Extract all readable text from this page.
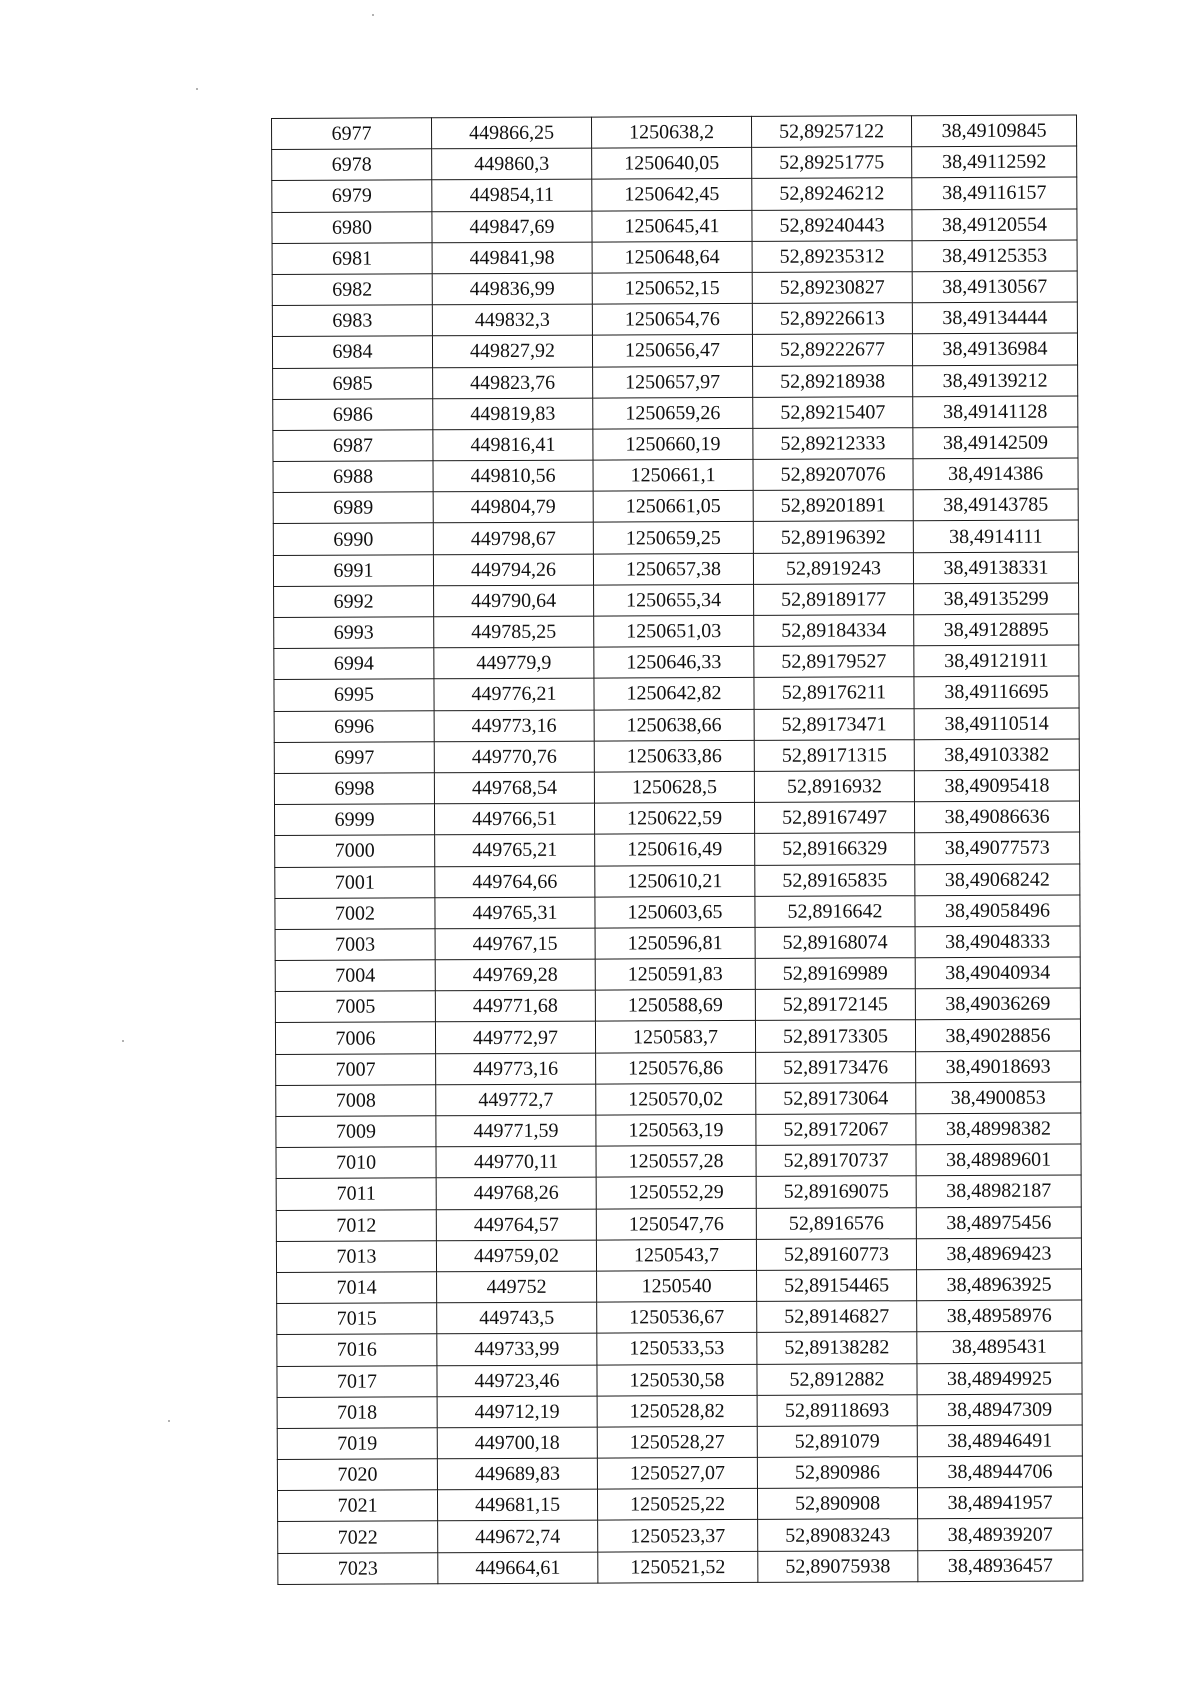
6977	449866,25	1250638,2	52,89257122	38,49109845
6978	449860,3	1250640,05	52,89251775	38,49112592
6979	449854,11	1250642,45	52,89246212	38,49116157
6980	449847,69	1250645,41	52,89240443	38,49120554
6981	449841,98	1250648,64	52,89235312	38,49125353
6982	449836,99	1250652,15	52,89230827	38,49130567
6983	449832,3	1250654,76	52,89226613	38,49134444
6984	449827,92	1250656,47	52,89222677	38,49136984
6985	449823,76	1250657,97	52,89218938	38,49139212
6986	449819,83	1250659,26	52,89215407	38,49141128
6987	449816,41	1250660,19	52,89212333	38,49142509
6988	449810,56	1250661,1	52,89207076	38,4914386
6989	449804,79	1250661,05	52,89201891	38,49143785
6990	449798,67	1250659,25	52,89196392	38,4914111
6991	449794,26	1250657,38	52,8919243	38,49138331
6992	449790,64	1250655,34	52,89189177	38,49135299
6993	449785,25	1250651,03	52,89184334	38,49128895
6994	449779,9	1250646,33	52,89179527	38,49121911
6995	449776,21	1250642,82	52,89176211	38,49116695
6996	449773,16	1250638,66	52,89173471	38,49110514
6997	449770,76	1250633,86	52,89171315	38,49103382
6998	449768,54	1250628,5	52,8916932	38,49095418
6999	449766,51	1250622,59	52,89167497	38,49086636
7000	449765,21	1250616,49	52,89166329	38,49077573
7001	449764,66	1250610,21	52,89165835	38,49068242
7002	449765,31	1250603,65	52,8916642	38,49058496
7003	449767,15	1250596,81	52,89168074	38,49048333
7004	449769,28	1250591,83	52,89169989	38,49040934
7005	449771,68	1250588,69	52,89172145	38,49036269
7006	449772,97	1250583,7	52,89173305	38,49028856
7007	449773,16	1250576,86	52,89173476	38,49018693
7008	449772,7	1250570,02	52,89173064	38,4900853
7009	449771,59	1250563,19	52,89172067	38,48998382
7010	449770,11	1250557,28	52,89170737	38,48989601
7011	449768,26	1250552,29	52,89169075	38,48982187
7012	449764,57	1250547,76	52,8916576	38,48975456
7013	449759,02	1250543,7	52,89160773	38,48969423
7014	449752	1250540	52,89154465	38,48963925
7015	449743,5	1250536,67	52,89146827	38,48958976
7016	449733,99	1250533,53	52,89138282	38,4895431
7017	449723,46	1250530,58	52,8912882	38,48949925
7018	449712,19	1250528,82	52,89118693	38,48947309
7019	449700,18	1250528,27	52,891079	38,48946491
7020	449689,83	1250527,07	52,890986	38,48944706
7021	449681,15	1250525,22	52,890908	38,48941957
7022	449672,74	1250523,37	52,89083243	38,48939207
7023	449664,61	1250521,52	52,89075938	38,48936457
